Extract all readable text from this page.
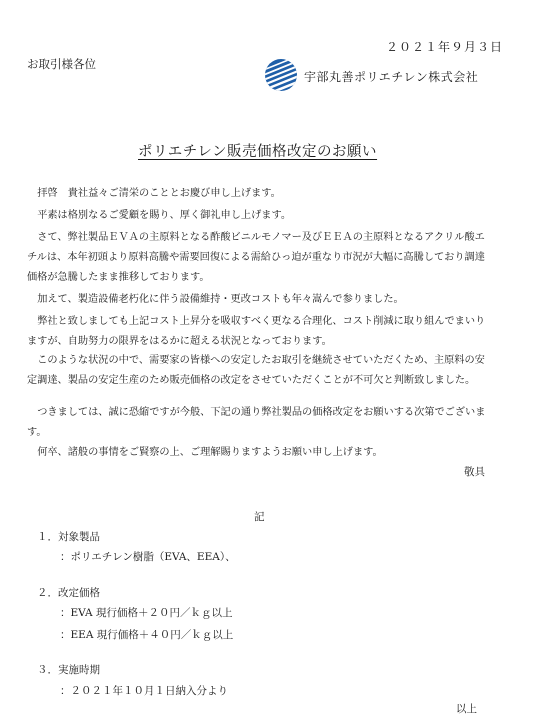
２０２１年９月３日
お取引様各位
宇部丸善ポリエチレン株式会社
ポリエチレン販売価格改定のお願い
拝啓　貴社益々ご清栄のこととお慶び申し上げます。
平素は格別なるご愛顧を賜り、厚く御礼申し上げます。
さて、弊社製品ＥＶＡの主原料となる酢酸ビニルモノマー及びＥＥＡの主原料となるアクリル酸エチルは、本年初頭より原料高騰や需要回復による需給ひっ迫が重なり市況が大幅に高騰しており調達価格が急騰したまま推移しております。
加えて、製造設備老朽化に伴う設備維持・更改コストも年々嵩んで参りました。
弊社と致しましても上記コスト上昇分を吸収すべく更なる合理化、コスト削減に取り組んでまいりますが、自助努力の限界をはるかに超える状況となっております。
このような状況の中で、需要家の皆様への安定したお取引を継続させていただくため、主原料の安定調達、製品の安定生産のため販売価格の改定をさせていただくことが不可欠と判断致しました。
つきましては、誠に恐縮ですが今般、下記の通り弊社製品の価格改定をお願いする次第でございます。
何卒、諸般の事情をご賢察の上、ご理解賜りますようお願い申し上げます。
敬具
記
１．対象製品
：ポリエチレン樹脂（EVA、EEA）、
２．改定価格
：EVA 現行価格＋２０円／ｋｇ以上
：EEA 現行価格＋４０円／ｋｇ以上
３．実施時期
：２０２１年１０月１日納入分より
以上
